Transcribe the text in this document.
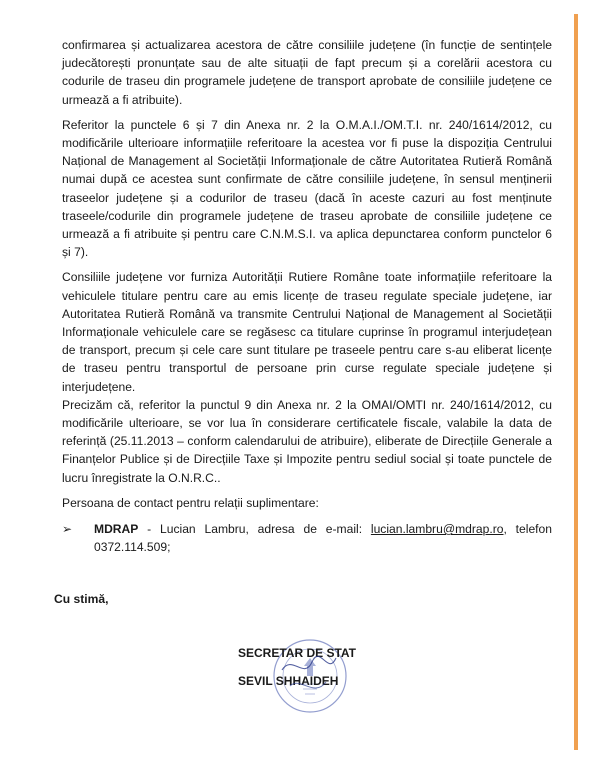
confirmarea și actualizarea acestora de către consiliile județene (în funcție de sentințele judecătorești pronunțate sau de alte situații de fapt precum și a corelării acestora cu codurile de traseu din programele județene de transport aprobate de consiliile județene ce urmează a fi atribuite).

Referitor la punctele 6 și 7 din Anexa nr. 2 la O.M.A.I./OM.T.I. nr. 240/1614/2012, cu modificările ulterioare informațiile referitoare la acestea vor fi puse la dispoziția Centrului Național de Management al Societății Informaționale de către Autoritatea Rutieră Română numai după ce acestea sunt confirmate de către consiliile județene, în sensul menținerii traseelor județene și a codurilor de traseu (dacă în aceste cazuri au fost menținute traseele/codurile din programele județene de traseu aprobate de consiliile județene ce urmează a fi atribuite și pentru care C.N.M.S.I. va aplica depunctarea conform punctelor 6 și 7).

Consiliile județene vor furniza Autorității Rutiere Române toate informațiile referitoare la vehiculele titulare pentru care au emis licențe de traseu regulate speciale județene, iar Autoritatea Rutieră Română va transmite Centrului Național de Management al Societății Informaționale vehiculele care se regăsesc ca titulare cuprinse în programul interjudețean de transport, precum și cele care sunt titulare pe traseele pentru care s-au eliberat licențe de traseu pentru transportul de persoane prin curse regulate speciale județene și interjudețene.

Precizăm că, referitor la punctul 9 din Anexa nr. 2 la OMAI/OMTI nr. 240/1614/2012, cu modificările ulterioare, se vor lua în considerare certificatele fiscale, valabile la data de referință (25.11.2013 – conform calendarului de atribuire), eliberate de Direcțiile Generale a Finanțelor Publice și de Direcțiile Taxe și Impozite pentru sediul social și toate punctele de lucru înregistrate la O.N.R.C..

Persoana de contact pentru relații suplimentare:

➢	MDRAP - Lucian Lambru, adresa de e-mail: lucian.lambru@mdrap.ro, telefon 0372.114.509;
Cu stimă,
SECRETAR DE STAT
SEVIL SHHAIDEH
